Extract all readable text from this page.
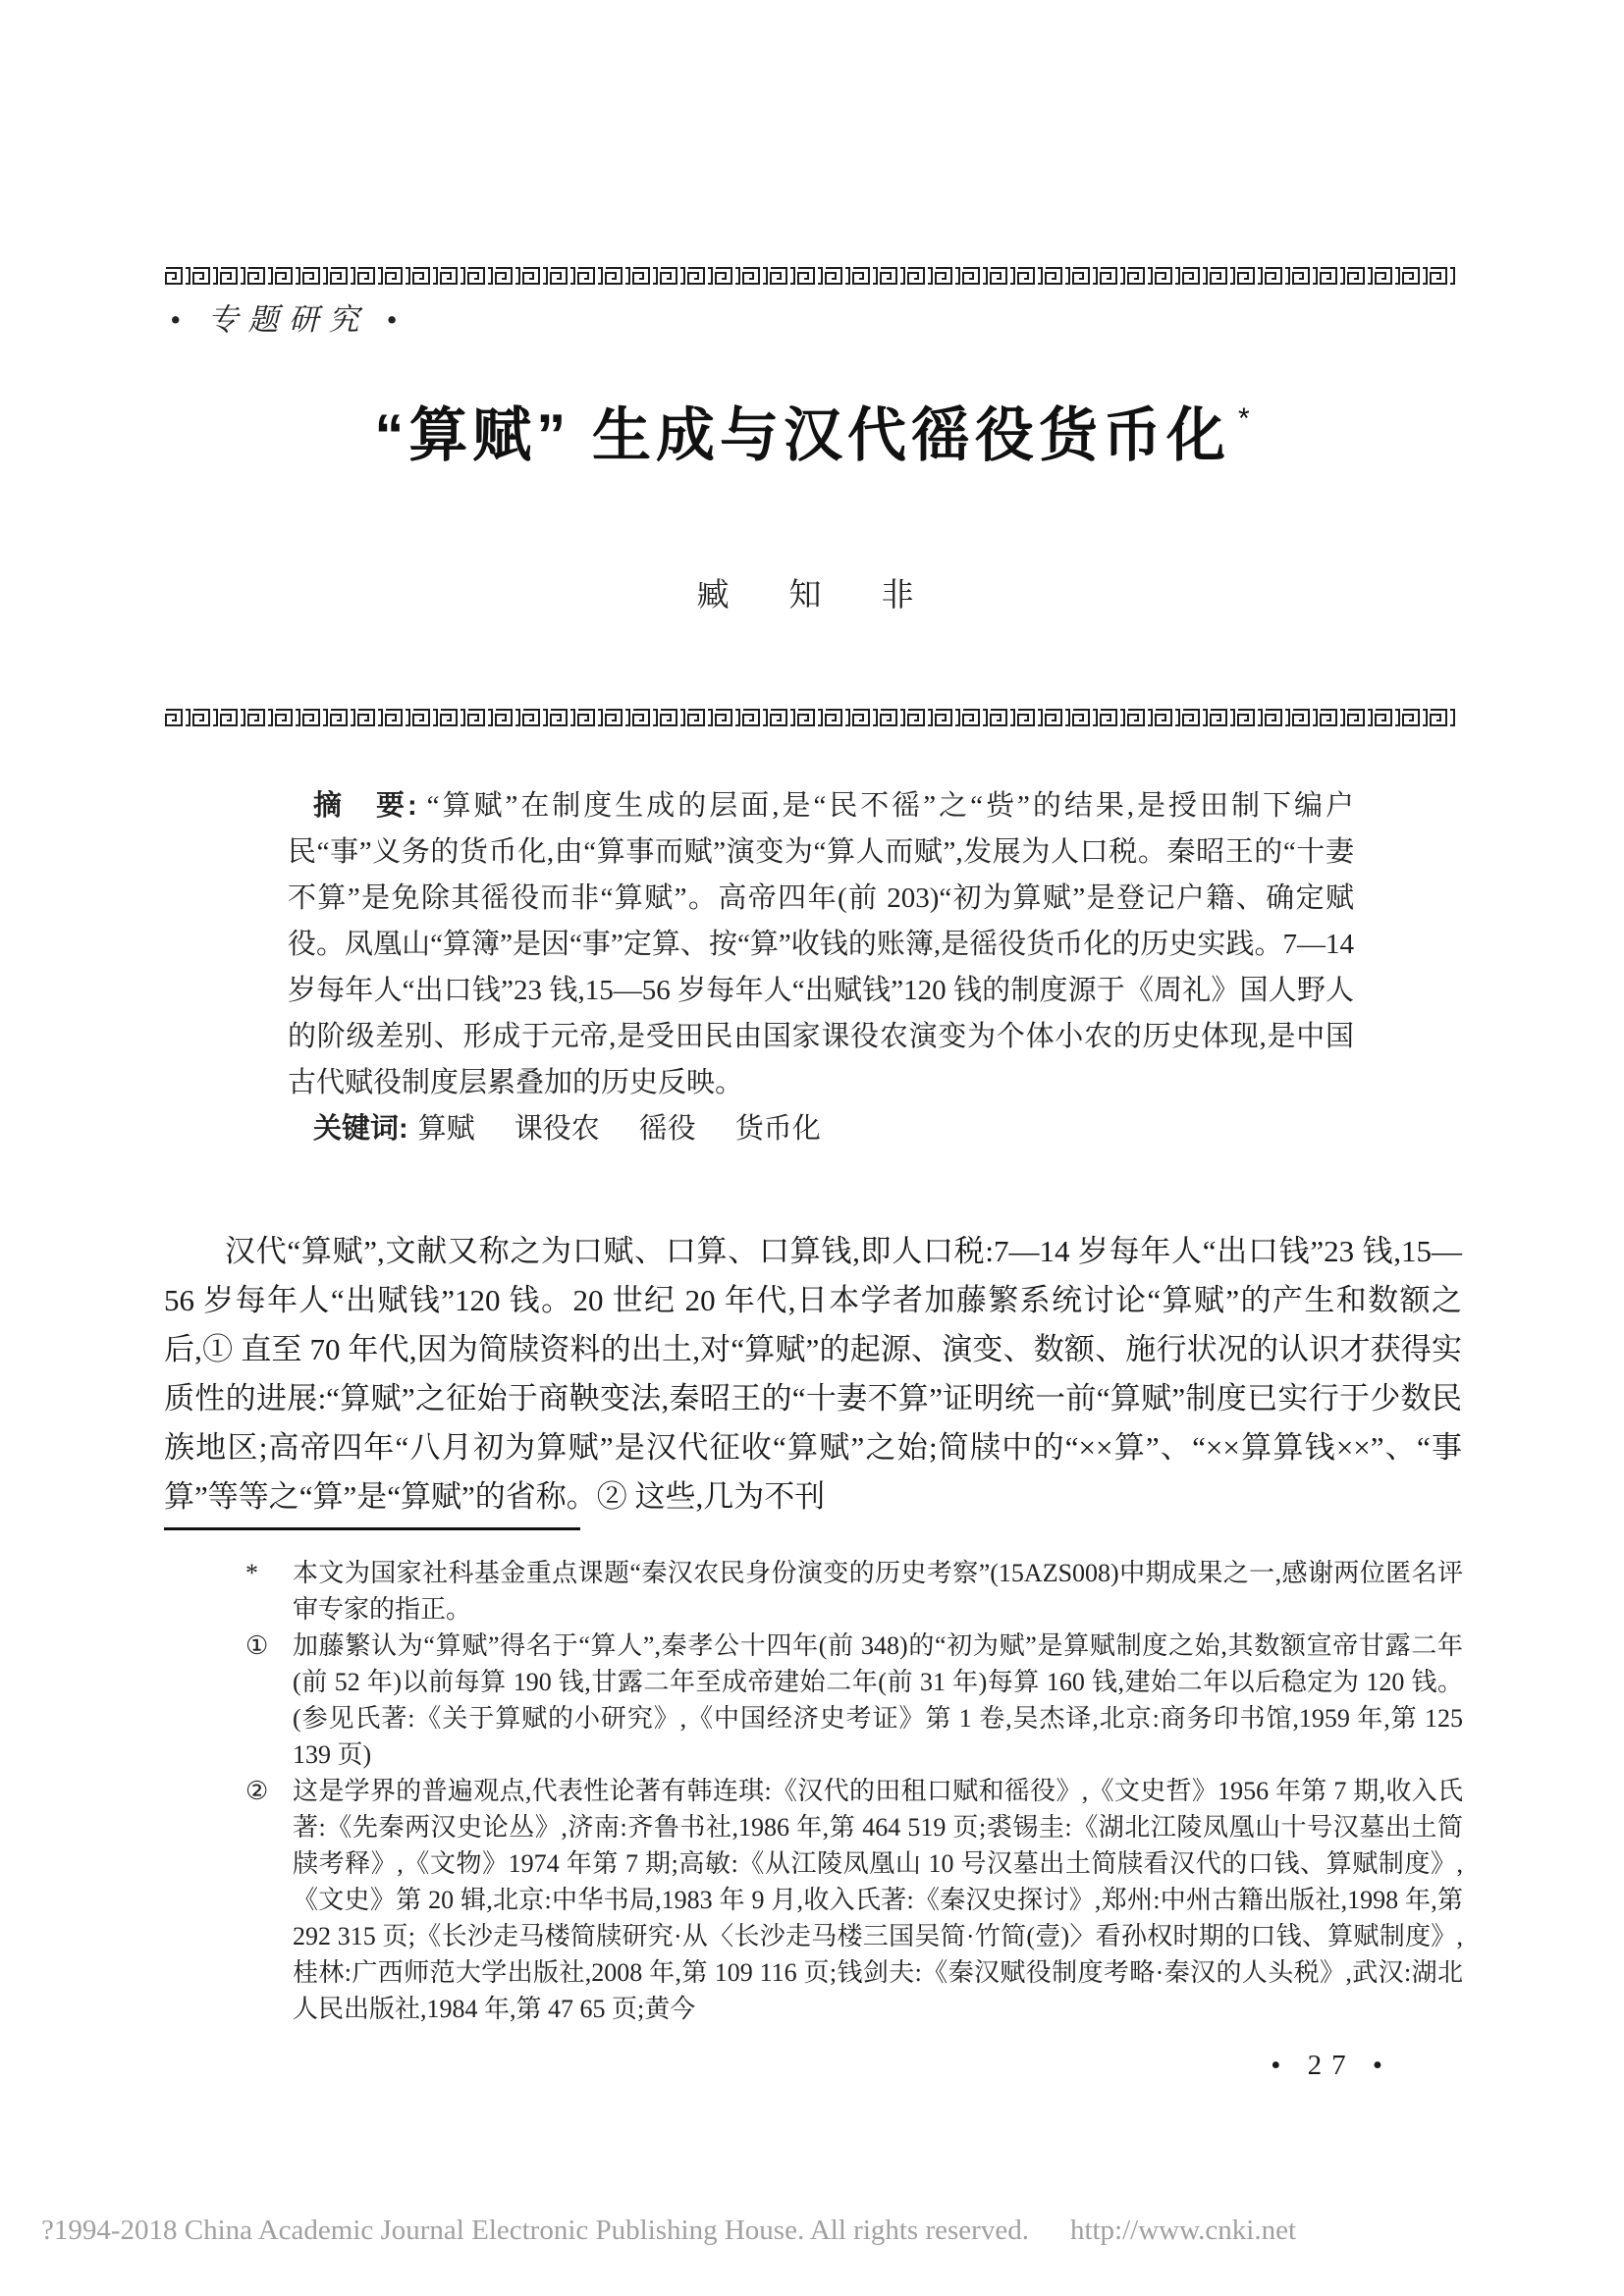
• 专题研究 •
“算赋” 生成与汉代徭役货币化 *
臧　知　非

摘　要: “算赋”在制度生成的层面,是“民不徭”之“赀”的结果,是授田制下编户民“事”义务的货币化,由“算事而赋”演变为“算人而赋”,发展为人口税。秦昭王的“十妻不算”是免除其徭役而非“算赋”。高帝四年(前 203)“初为算赋”是登记户籍、确定赋役。凤凰山“算簿”是因“事”定算、按“算”收钱的账簿,是徭役货币化的历史实践。7—14 岁每年人“出口钱”23 钱,15—56 岁每年人“出赋钱”120 钱的制度源于《周礼》国人野人的阶级差别、形成于元帝,是受田民由国家课役农演变为个体小农的历史体现,是中国古代赋役制度层累叠加的历史反映。

关键词: 算赋 课役农 徭役 货币化

汉代“算赋”,文献又称之为口赋、口算、口算钱,即人口税:7—14 岁每年人“出口钱”23 钱,15—56 岁每年人“出赋钱”120 钱。20 世纪 20 年代,日本学者加藤繁系统讨论“算赋”的产生和数额之后,① 直至 70 年代,因为简牍资料的出土,对“算赋”的起源、演变、数额、施行状况的认识才获得实质性的进展:“算赋”之征始于商鞅变法,秦昭王的“十妻不算”证明统一前“算赋”制度已实行于少数民族地区;高帝四年“八月初为算赋”是汉代征收“算赋”之始;简牍中的“××算”、“××算算钱××”、“事算”等等之“算”是“算赋”的省称。② 这些,几为不刊

*	本文为国家社科基金重点课题“秦汉农民身份演变的历史考察”(15AZS008)中期成果之一,感谢两位匿名评审专家的指正。
① 加藤繁认为“算赋”得名于“算人”,秦孝公十四年(前 348)的“初为赋”是算赋制度之始,其数额宣帝甘露二年(前 52 年)以前每算 190 钱,甘露二年至成帝建始二年(前 31 年)每算 160 钱,建始二年以后稳定为 120 钱。(参见氏著:《关于算赋的小研究》,《中国经济史考证》第 1 卷,吴杰译,北京:商务印书馆,1959 年,第 125 139 页)
② 这是学界的普遍观点,代表性论著有韩连琪:《汉代的田租口赋和徭役》,《文史哲》1956 年第 7 期,收入氏著:《先秦两汉史论丛》,济南:齐鲁书社,1986 年,第 464 519 页;裘锡圭:《湖北江陵凤凰山十号汉墓出土简牍考释》,《文物》1974 年第 7 期;高敏:《从江陵凤凰山 10 号汉墓出土简牍看汉代的口钱、算赋制度》,《文史》第 20 辑,北京:中华书局,1983 年 9 月,收入氏著:《秦汉史探讨》,郑州:中州古籍出版社,1998 年,第 292 315 页;《长沙走马楼简牍研究·从〈长沙走马楼三国吴简·竹简(壹)〉看孙权时期的口钱、算赋制度》,桂林:广西师范大学出版社,2008 年,第 109 116 页;钱剑夫:《秦汉赋役制度考略·秦汉的人头税》,武汉:湖北人民出版社,1984 年,第 47 65 页;黄今
• 27 •
?1994-2018 China Academic Journal Electronic Publishing House. All rights reserved. http://www.cnki.net
